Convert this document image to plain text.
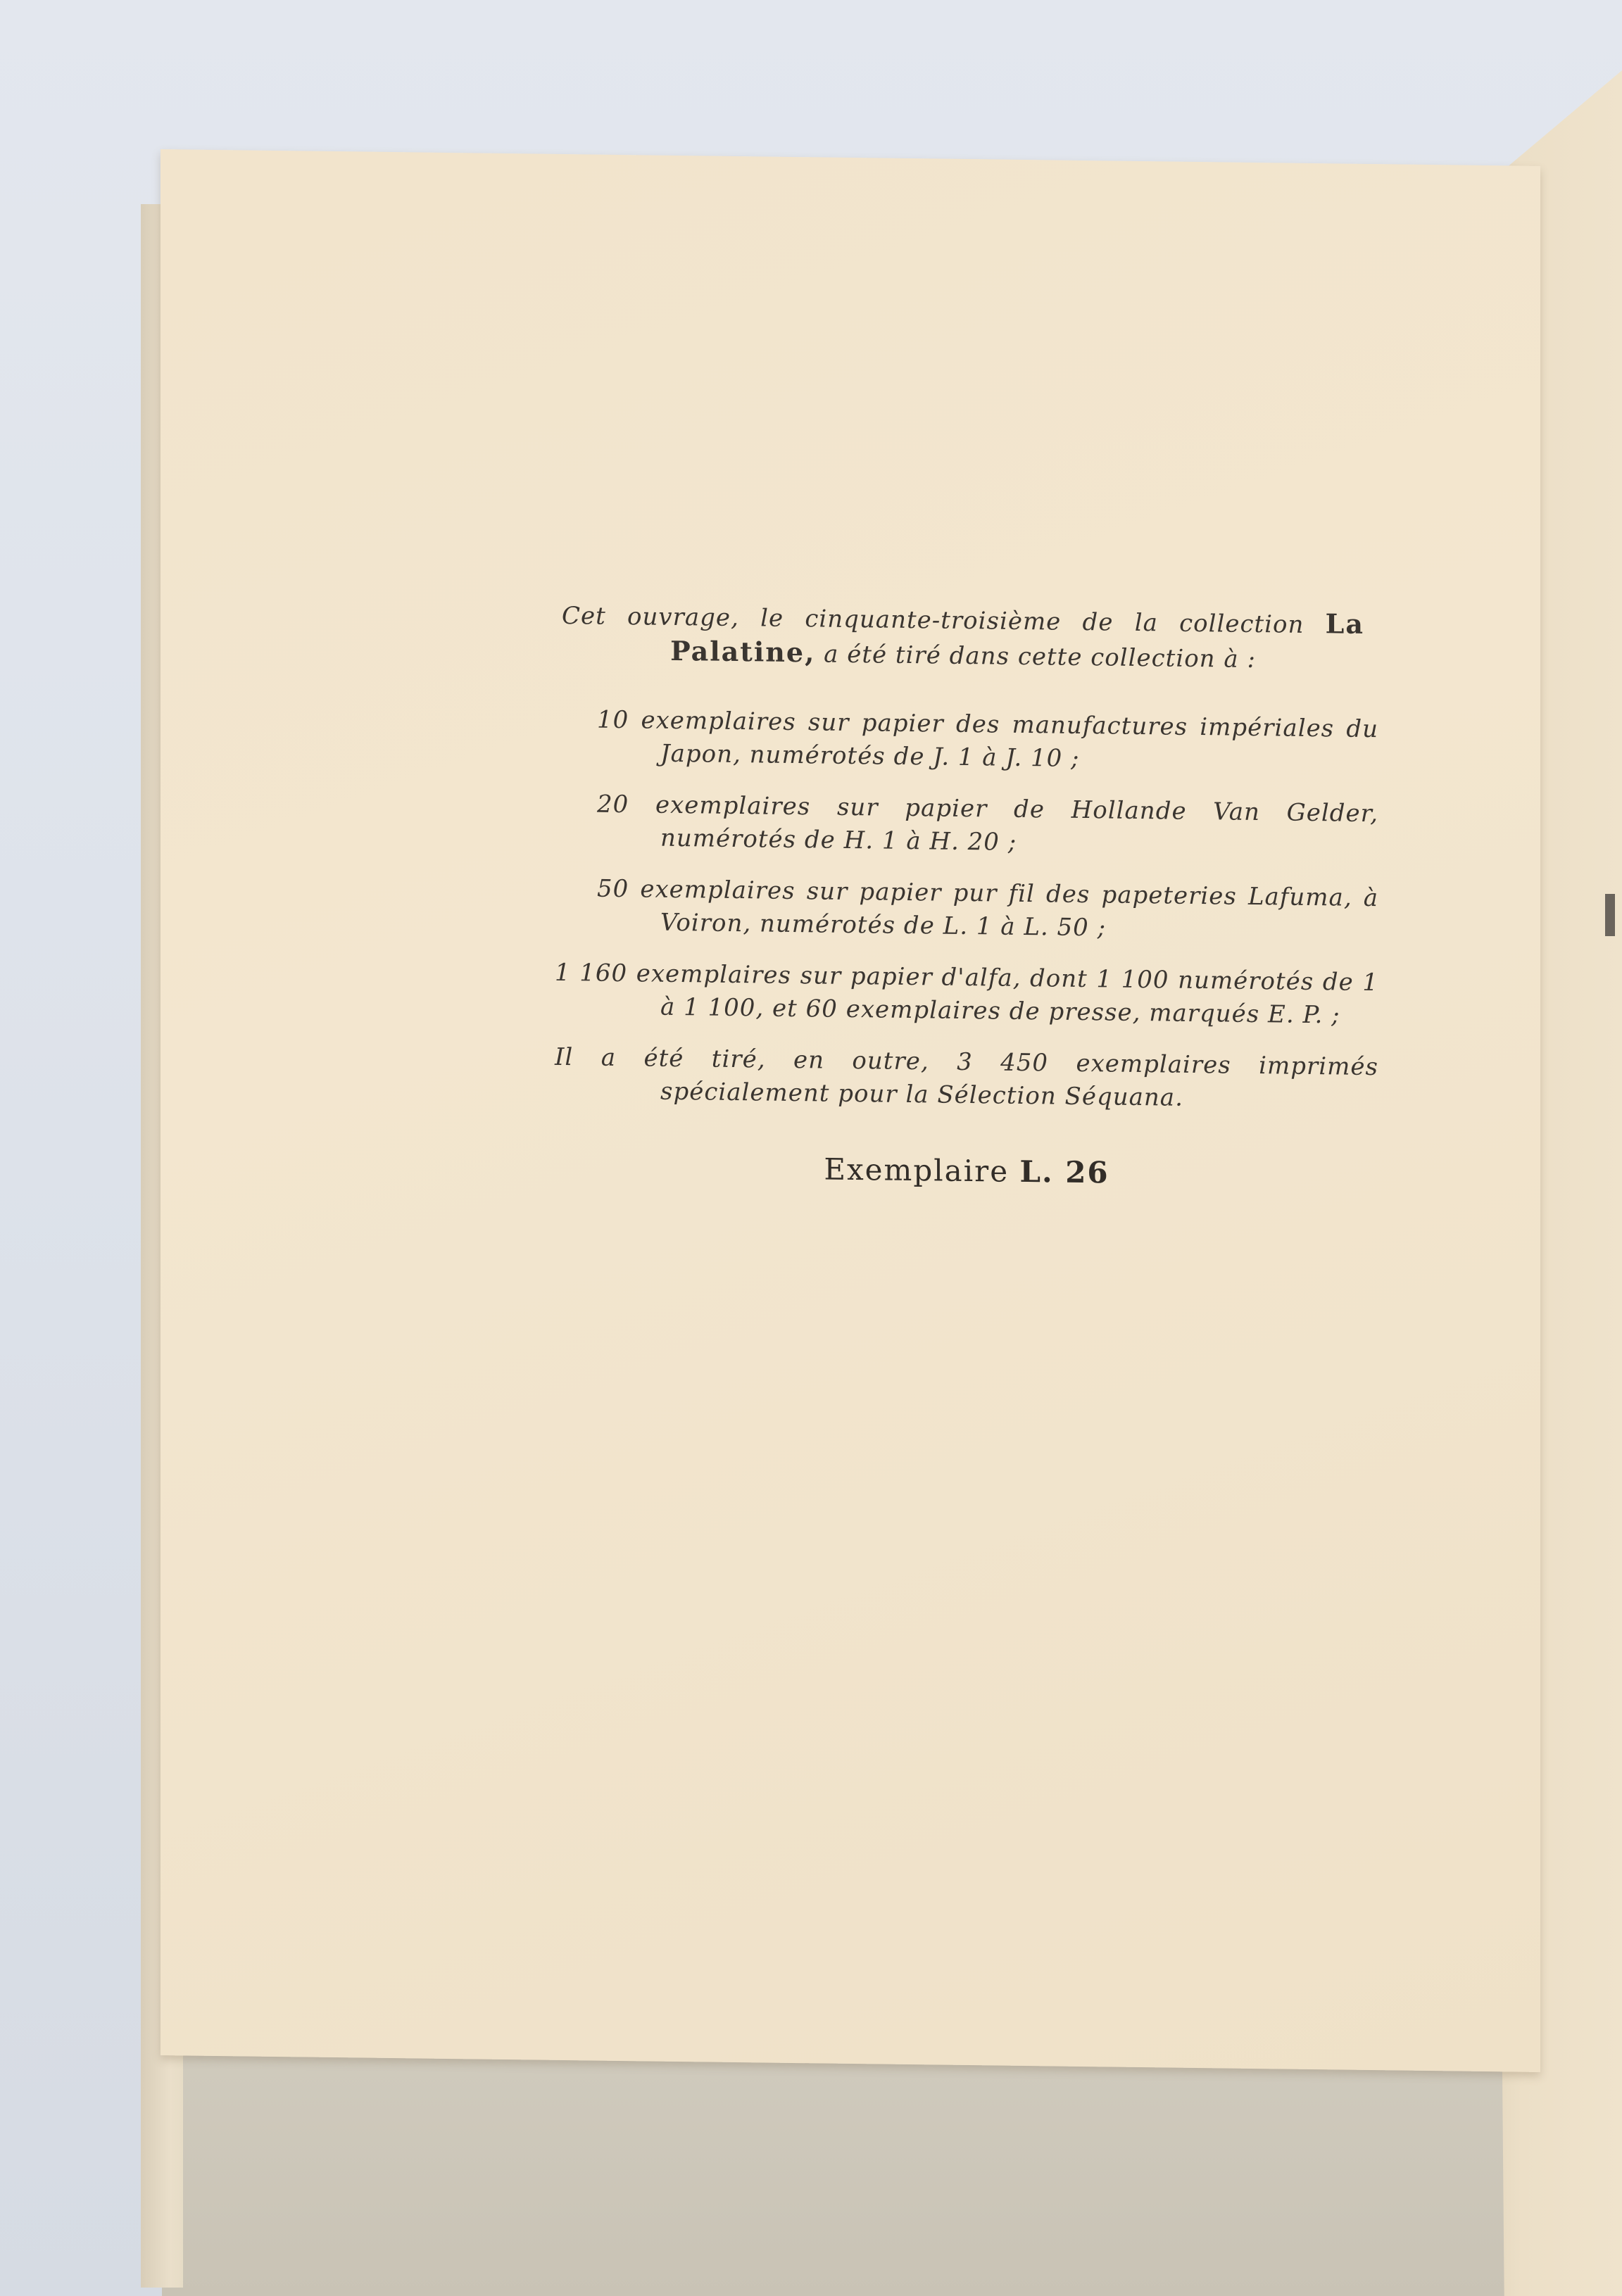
Cet ouvrage, le cinquante-troisième de la collection La Palatine, a été tiré dans cette collection à :
10 exemplaires sur papier des manufactures impériales du Japon, numérotés de J. 1 à J. 10 ;
20 exemplaires sur papier de Hollande Van Gelder, numérotés de H. 1 à H. 20 ;
50 exemplaires sur papier pur fil des papeteries Lafuma, à Voiron, numérotés de L. 1 à L. 50 ;
1 160 exemplaires sur papier d'alfa, dont 1 100 numérotés de 1 à 1 100, et 60 exemplaires de presse, marqués E. P. ;
Il a été tiré, en outre, 3 450 exemplaires imprimés spécialement pour la Sélection Séquana.
Exemplaire L. 26
